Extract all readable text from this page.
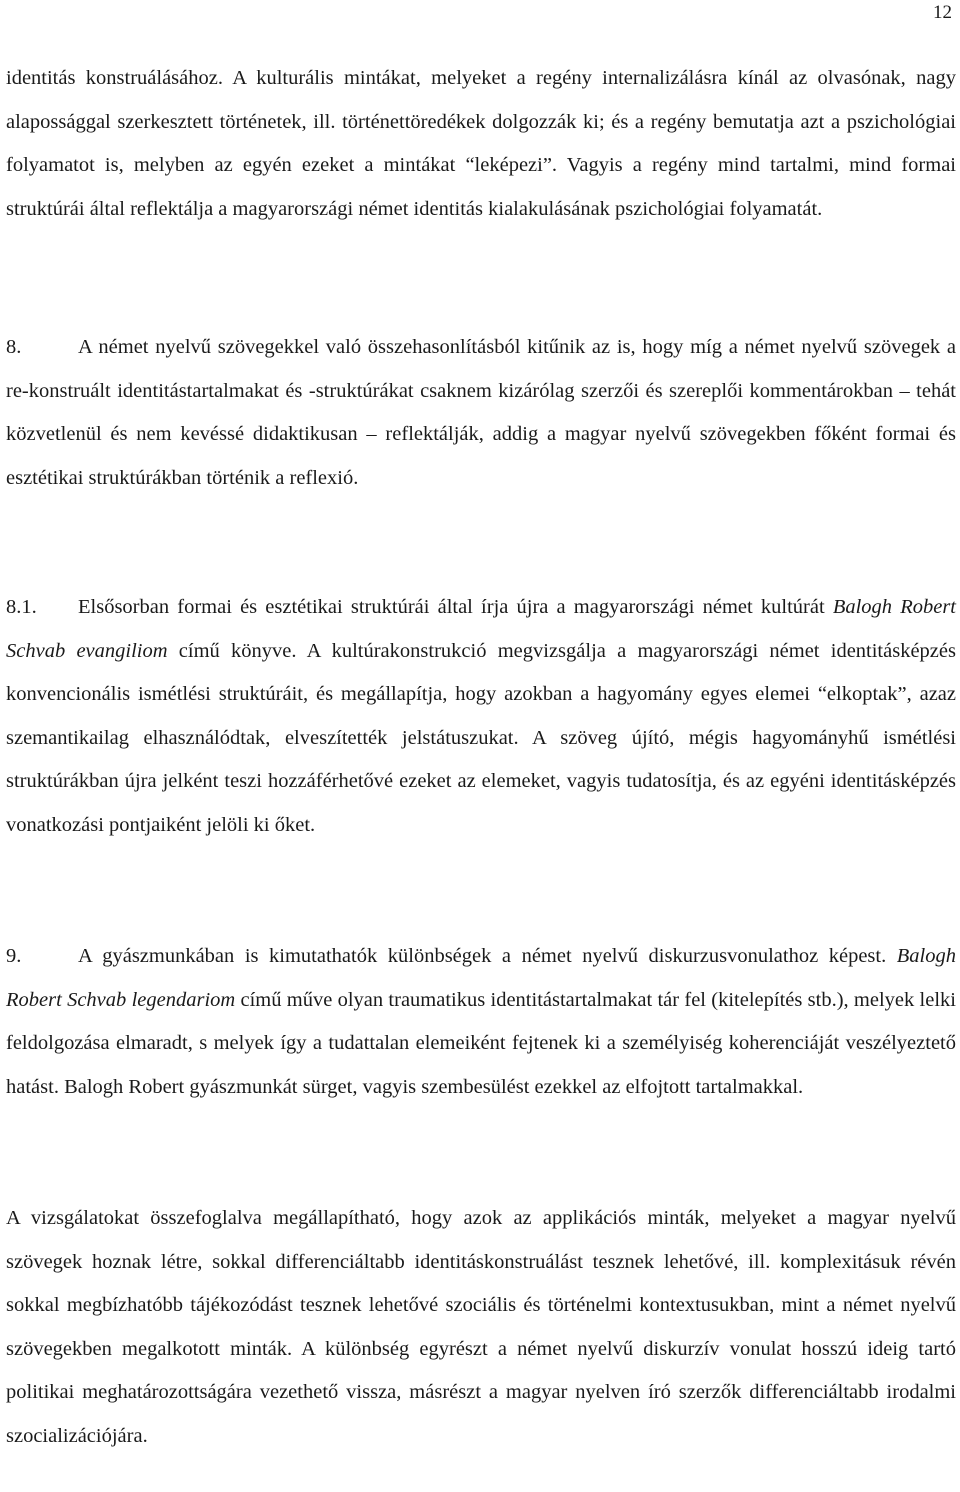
12

identitás konstruálásához. A kulturális mintákat, melyeket a regény internalizálásra kínál az olvasónak, nagy alapossággal szerkesztett történetek, ill. történettöredékek dolgozzák ki; és a regény bemutatja azt a pszichológiai folyamatot is, melyben az egyén ezeket a mintákat “leképezi”. Vagyis a regény mind tartalmi, mind formai struktúrái által reflektálja a magyarországi német identitás kialakulásának pszichológiai folyamatát.

8.	A német nyelvű szövegekkel való összehasonlításból kitűnik az is, hogy míg a német nyelvű szövegek a re-konstruált identitástartalmakat és -struktúrákat csaknem kizárólag szerzői és szereplői kommentárokban – tehát közvetlenül és nem kevéssé didaktikusan – reflektálják, addig a magyar nyelvű szövegekben főként formai és esztétikai struktúrákban történik a reflexió.

8.1. Elsősorban formai és esztétikai struktúrái által írja újra a magyarországi német kultúrát Balogh Robert Schvab evangiliom című könyve. A kultúrakonstrukció megvizsgálja a magyarországi német identitásképzés konvencionális ismétlési struktúráit, és megállapítja, hogy azokban a hagyomány egyes elemei “elkoptak”, azaz szemantikailag elhasználódtak, elveszítették jelstátuszukat. A szöveg újító, mégis hagyományhű ismétlési struktúrákban újra jelként teszi hozzáférhetővé ezeket az elemeket, vagyis tudatosítja, és az egyéni identitásképzés vonatkozási pontjaiként jelöli ki őket.

9.	A gyászmunkában is kimutathatók különbségek a német nyelvű diskurzusvonulathoz képest. Balogh Robert Schvab legendariom című műve olyan traumatikus identitástartalmakat tár fel (kitelepítés stb.), melyek lelki feldolgozása elmaradt, s melyek így a tudattalan elemeiként fejtenek ki a személyiség koherenciáját veszélyeztető hatást. Balogh Robert gyászmunkát sürget, vagyis szembesülést ezekkel az elfojtott tartalmakkal.

A vizsgálatokat összefoglalva megállapítható, hogy azok az applikációs minták, melyeket a magyar nyelvű szövegek hoznak létre, sokkal differenciáltabb identitáskonstruálást tesznek lehetővé, ill. komplexitásuk révén sokkal megbízhatóbb tájékozódást tesznek lehetővé szociális és történelmi kontextusukban, mint a német nyelvű szövegekben megalkotott minták. A különbség egyrészt a német nyelvű diskurzív vonulat hosszú ideig tartó politikai meghatározottságára vezethető vissza, másrészt a magyar nyelven író szerzők differenciáltabb irodalmi szocializációjára.
